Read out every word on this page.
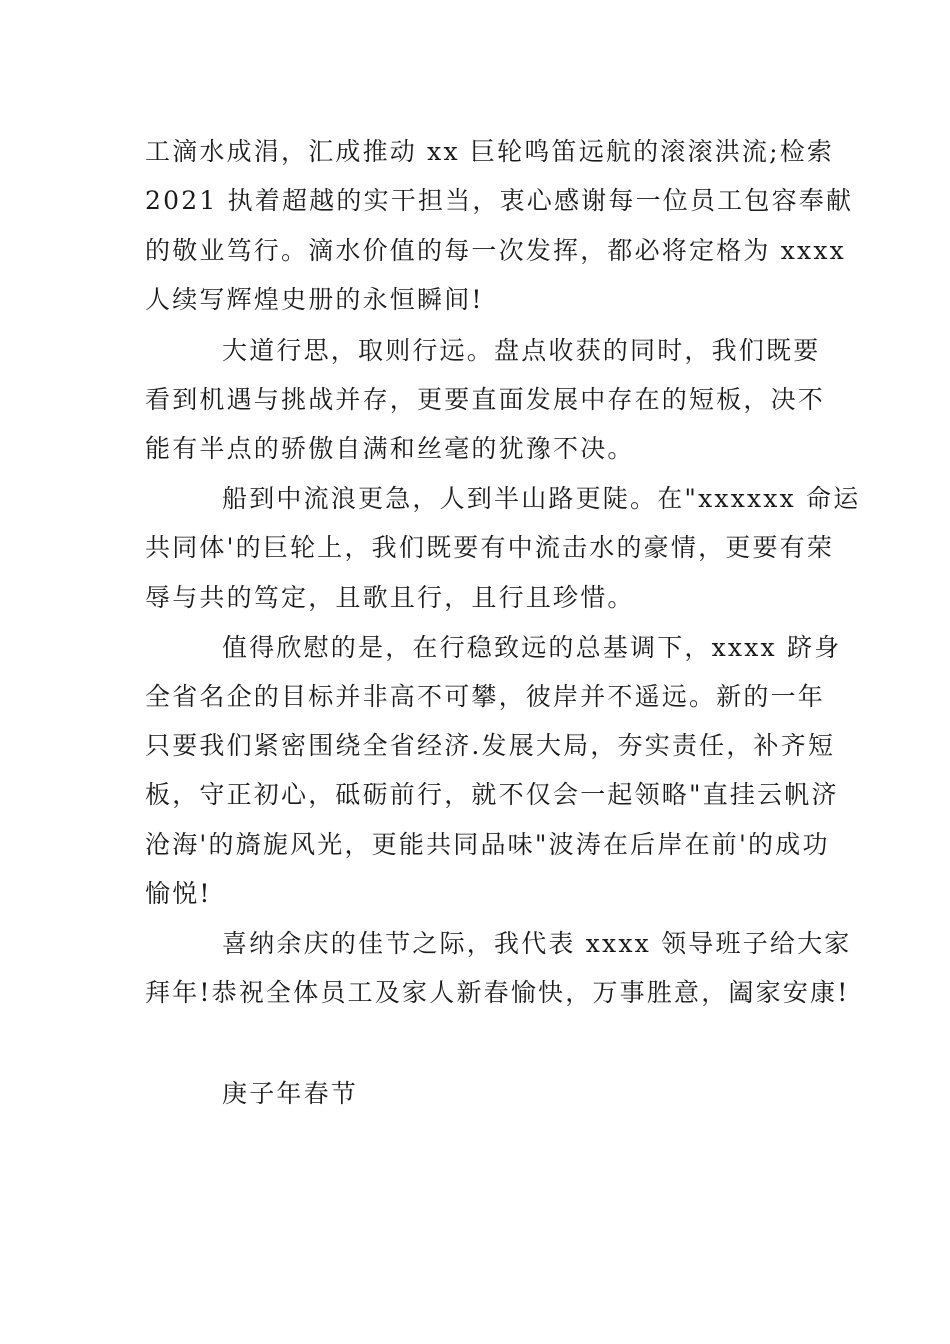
工滴水成涓，汇成推动 xx 巨轮鸣笛远航的滚滚洪流;检索
2021 执着超越的实干担当，衷心感谢每一位员工包容奉献
的敬业笃行。滴水价值的每一次发挥，都必将定格为 xxxx
人续写辉煌史册的永恒瞬间!
大道行思，取则行远。盘点收获的同时，我们既要
看到机遇与挑战并存，更要直面发展中存在的短板，决不
能有半点的骄傲自满和丝毫的犹豫不决。
船到中流浪更急，人到半山路更陡。在"xxxxxx 命运
共同体'的巨轮上，我们既要有中流击水的豪情，更要有荣
辱与共的笃定，且歌且行，且行且珍惜。
值得欣慰的是，在行稳致远的总基调下，xxxx 跻身
全省名企的目标并非高不可攀，彼岸并不遥远。新的一年
只要我们紧密围绕全省经济.发展大局，夯实责任，补齐短
板，守正初心，砥砺前行，就不仅会一起领略"直挂云帆济
沧海'的旖旎风光，更能共同品味"波涛在后岸在前'的成功
愉悦!
喜纳余庆的佳节之际，我代表 xxxx 领导班子给大家
拜年!恭祝全体员工及家人新春愉快，万事胜意，阖家安康!
庚子年春节
